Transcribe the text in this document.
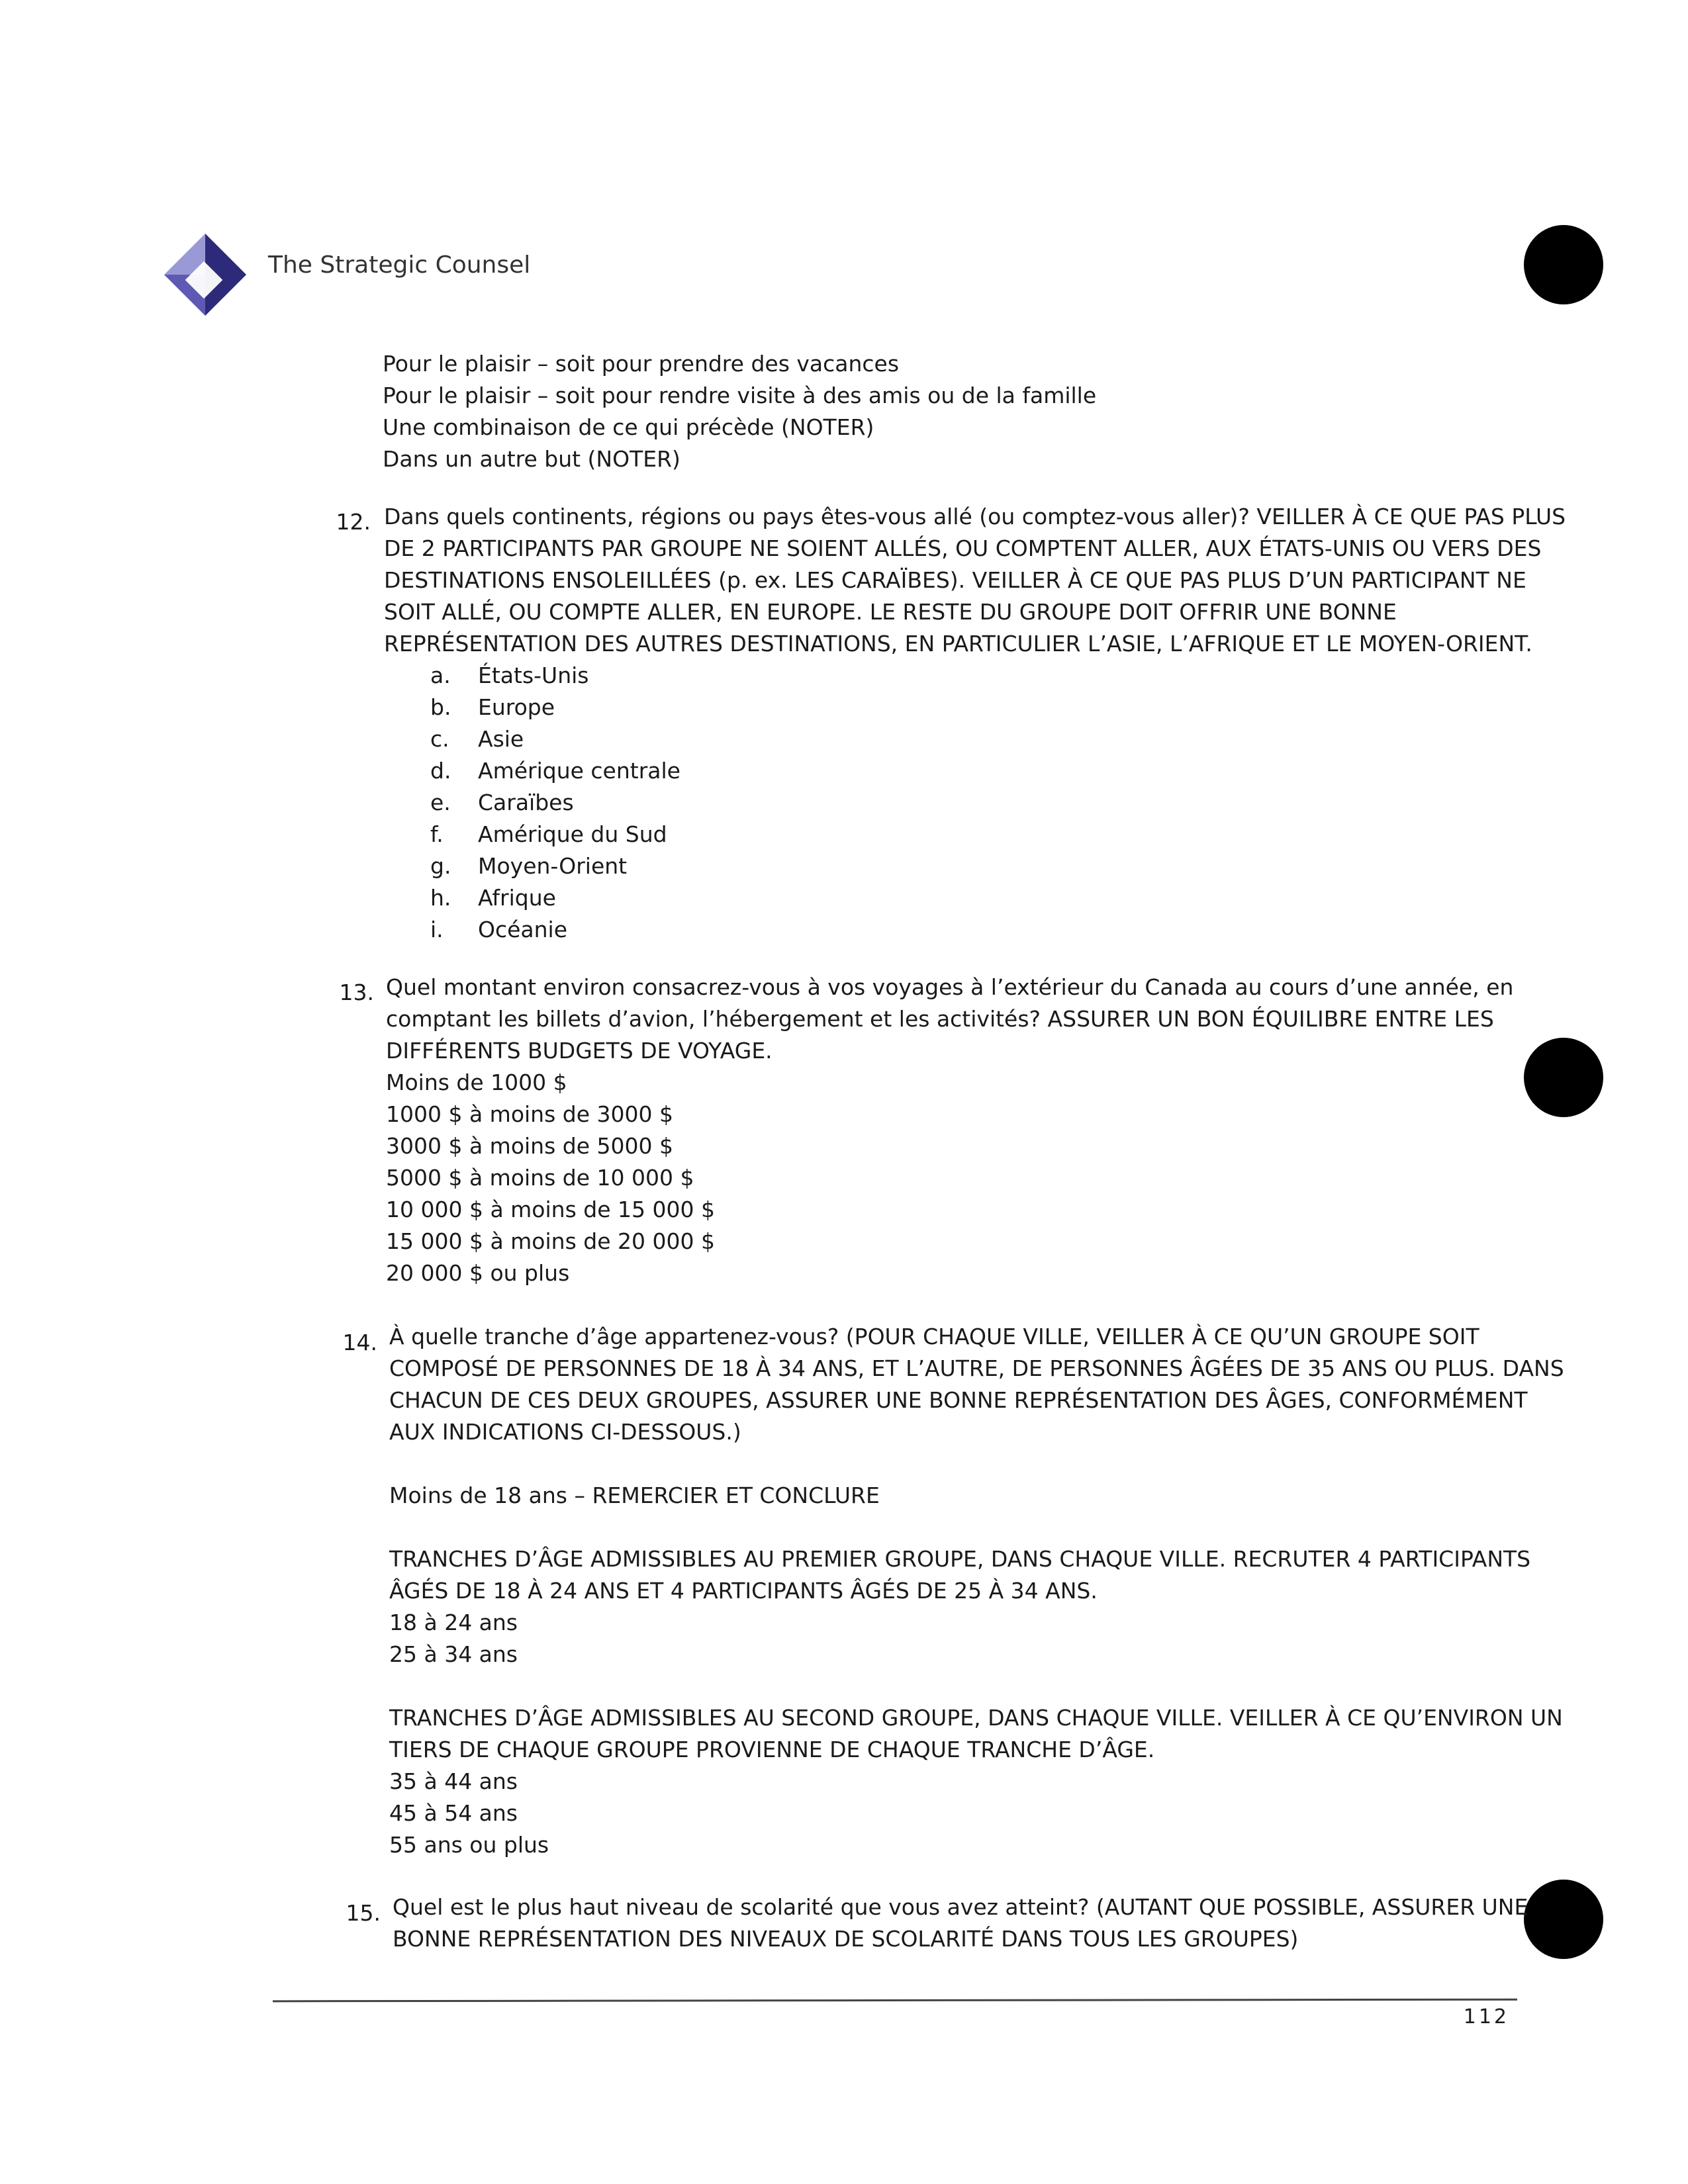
The Strategic Counsel
Pour le plaisir – soit pour prendre des vacances
Pour le plaisir – soit pour rendre visite à des amis ou de la famille
Une combinaison de ce qui précède (NOTER)
Dans un autre but (NOTER)
12. Dans quels continents, régions ou pays êtes-vous allé (ou comptez-vous aller)? VEILLER À CE QUE PAS PLUS
DE 2 PARTICIPANTS PAR GROUPE NE SOIENT ALLÉS, OU COMPTENT ALLER, AUX ÉTATS-UNIS OU VERS DES
DESTINATIONS ENSOLEILLÉES (p. ex. LES CARAÏBES). VEILLER À CE QUE PAS PLUS D’UN PARTICIPANT NE
SOIT ALLÉ, OU COMPTE ALLER, EN EUROPE. LE RESTE DU GROUPE DOIT OFFRIR UNE BONNE
REPRÉSENTATION DES AUTRES DESTINATIONS, EN PARTICULIER L’ASIE, L’AFRIQUE ET LE MOYEN-ORIENT.
a. États-Unis
b. Europe
c. Asie
d. Amérique centrale
e. Caraïbes
f. Amérique du Sud
g. Moyen-Orient
h. Afrique
i. Océanie
13. Quel montant environ consacrez-vous à vos voyages à l’extérieur du Canada au cours d’une année, en
comptant les billets d’avion, l’hébergement et les activités? ASSURER UN BON ÉQUILIBRE ENTRE LES
DIFFÉRENTS BUDGETS DE VOYAGE.
Moins de 1000 $
1000 $ à moins de 3000 $
3000 $ à moins de 5000 $
5000 $ à moins de 10 000 $
10 000 $ à moins de 15 000 $
15 000 $ à moins de 20 000 $
20 000 $ ou plus
14. À quelle tranche d’âge appartenez-vous? (POUR CHAQUE VILLE, VEILLER À CE QU’UN GROUPE SOIT
COMPOSÉ DE PERSONNES DE 18 À 34 ANS, ET L’AUTRE, DE PERSONNES ÂGÉES DE 35 ANS OU PLUS. DANS
CHACUN DE CES DEUX GROUPES, ASSURER UNE BONNE REPRÉSENTATION DES ÂGES, CONFORMÉMENT
AUX INDICATIONS CI-DESSOUS.)
Moins de 18 ans – REMERCIER ET CONCLURE
TRANCHES D’ÂGE ADMISSIBLES AU PREMIER GROUPE, DANS CHAQUE VILLE. RECRUTER 4 PARTICIPANTS
ÂGÉS DE 18 À 24 ANS ET 4 PARTICIPANTS ÂGÉS DE 25 À 34 ANS.
18 à 24 ans
25 à 34 ans
TRANCHES D’ÂGE ADMISSIBLES AU SECOND GROUPE, DANS CHAQUE VILLE. VEILLER À CE QU’ENVIRON UN
TIERS DE CHAQUE GROUPE PROVIENNE DE CHAQUE TRANCHE D’ÂGE.
35 à 44 ans
45 à 54 ans
55 ans ou plus
15. Quel est le plus haut niveau de scolarité que vous avez atteint? (AUTANT QUE POSSIBLE, ASSURER UNE
BONNE REPRÉSENTATION DES NIVEAUX DE SCOLARITÉ DANS TOUS LES GROUPES)
112
